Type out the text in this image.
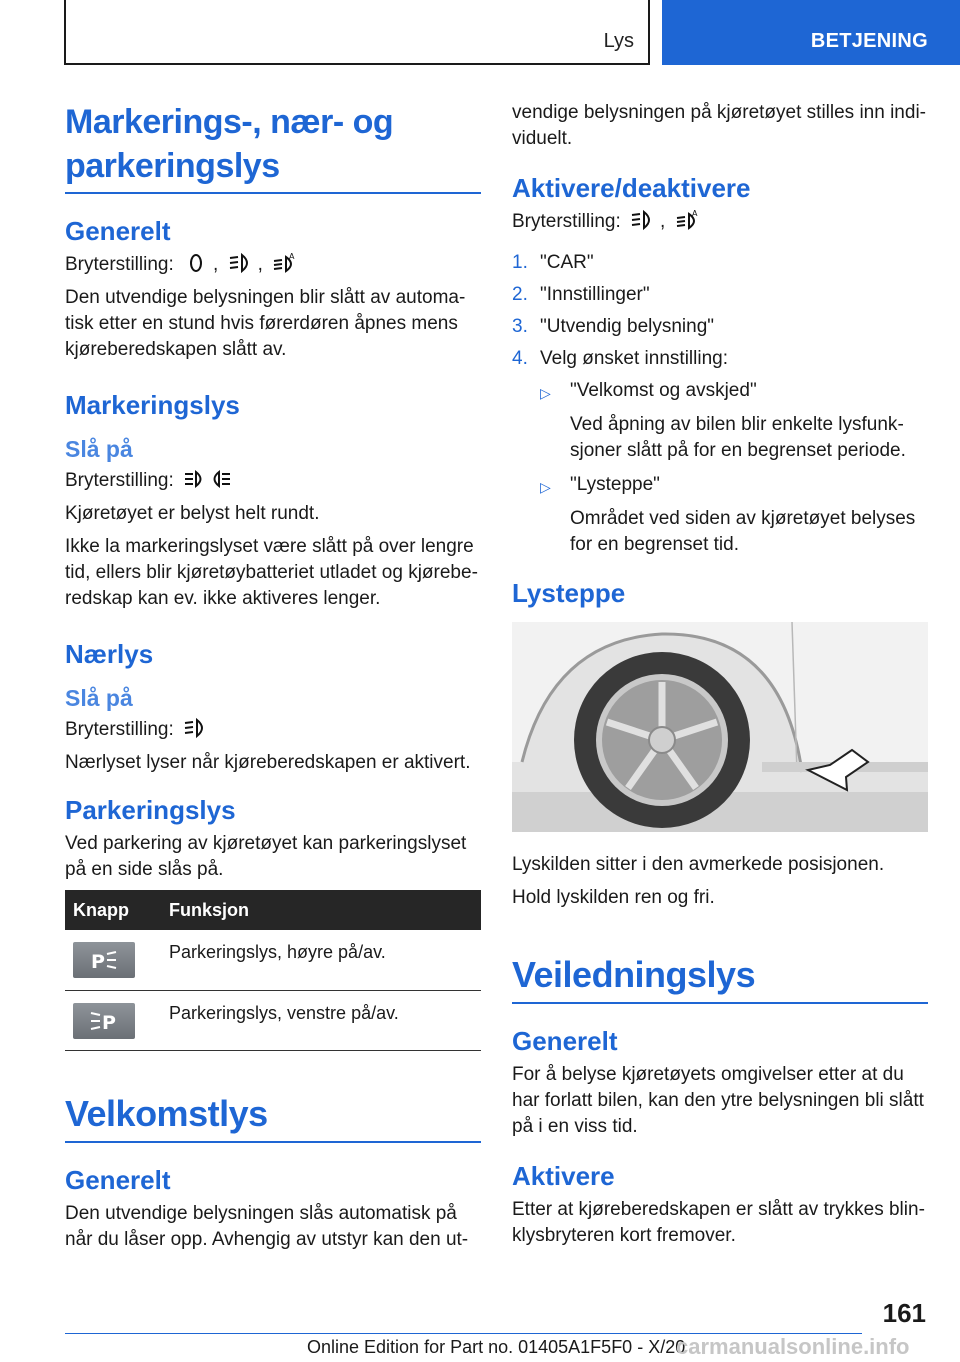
Lys	BETJENING
Markerings-, nær- og parkeringslys
Generelt
Bryterstilling: , ,	A
Den utvendige belysningen blir slått av automatisk etter en stund hvis førerdøren åpnes mens kjøreberedskapen slått av.
Markeringslys
Slå på
Bryterstilling:
Kjøretøyet er belyst helt rundt.
Ikke la markeringslyset være slått på over lengre tid, ellers blir kjøretøybatteriet utladet og kjøreberedskap kan ev. ikke aktiveres lenger.
Nærlys
Slå på
Bryterstilling:
Nærlyset lyser når kjøreberedskapen er aktivert.
Parkeringslys
Ved parkering av kjøretøyet kan parkeringslyset på en side slås på.
Knapp	Funksjon

P	Parkeringslys, høyre på/av.

P	Parkeringslys, venstre på/av.
Velkomstlys
Generelt
Den utvendige belysningen slås automatisk på når du låser opp. Avhengig av utstyr kan den ut-
vendige belysningen på kjøretøyet stilles inn individuelt.
Aktivere/deaktivere
Bryterstilling: ,	A
1. "CAR"
2. "Innstillinger"
3. "Utvendig belysning"
4. Velg ønsket innstilling:
▷	"Velkomst og avskjed"
Ved åpning av bilen blir enkelte lysfunksjoner slått på for en begrenset periode.
▷	"Lysteppe"
Området ved siden av kjøretøyet belyses for en begrenset tid.
Lysteppe
Lyskilden sitter i den avmerkede posisjonen.
Hold lyskilden ren og fri.
Veiledningslys
Generelt
For å belyse kjøretøyets omgivelser etter at du har forlatt bilen, kan den ytre belysningen bli slått på i en viss tid.
Aktivere
Etter at kjøreberedskapen er slått av trykkes blinklysbryteren kort fremover.
161
Online Edition for Part no. 01405A1F5F0 - X/20
carmanualsonline.info
